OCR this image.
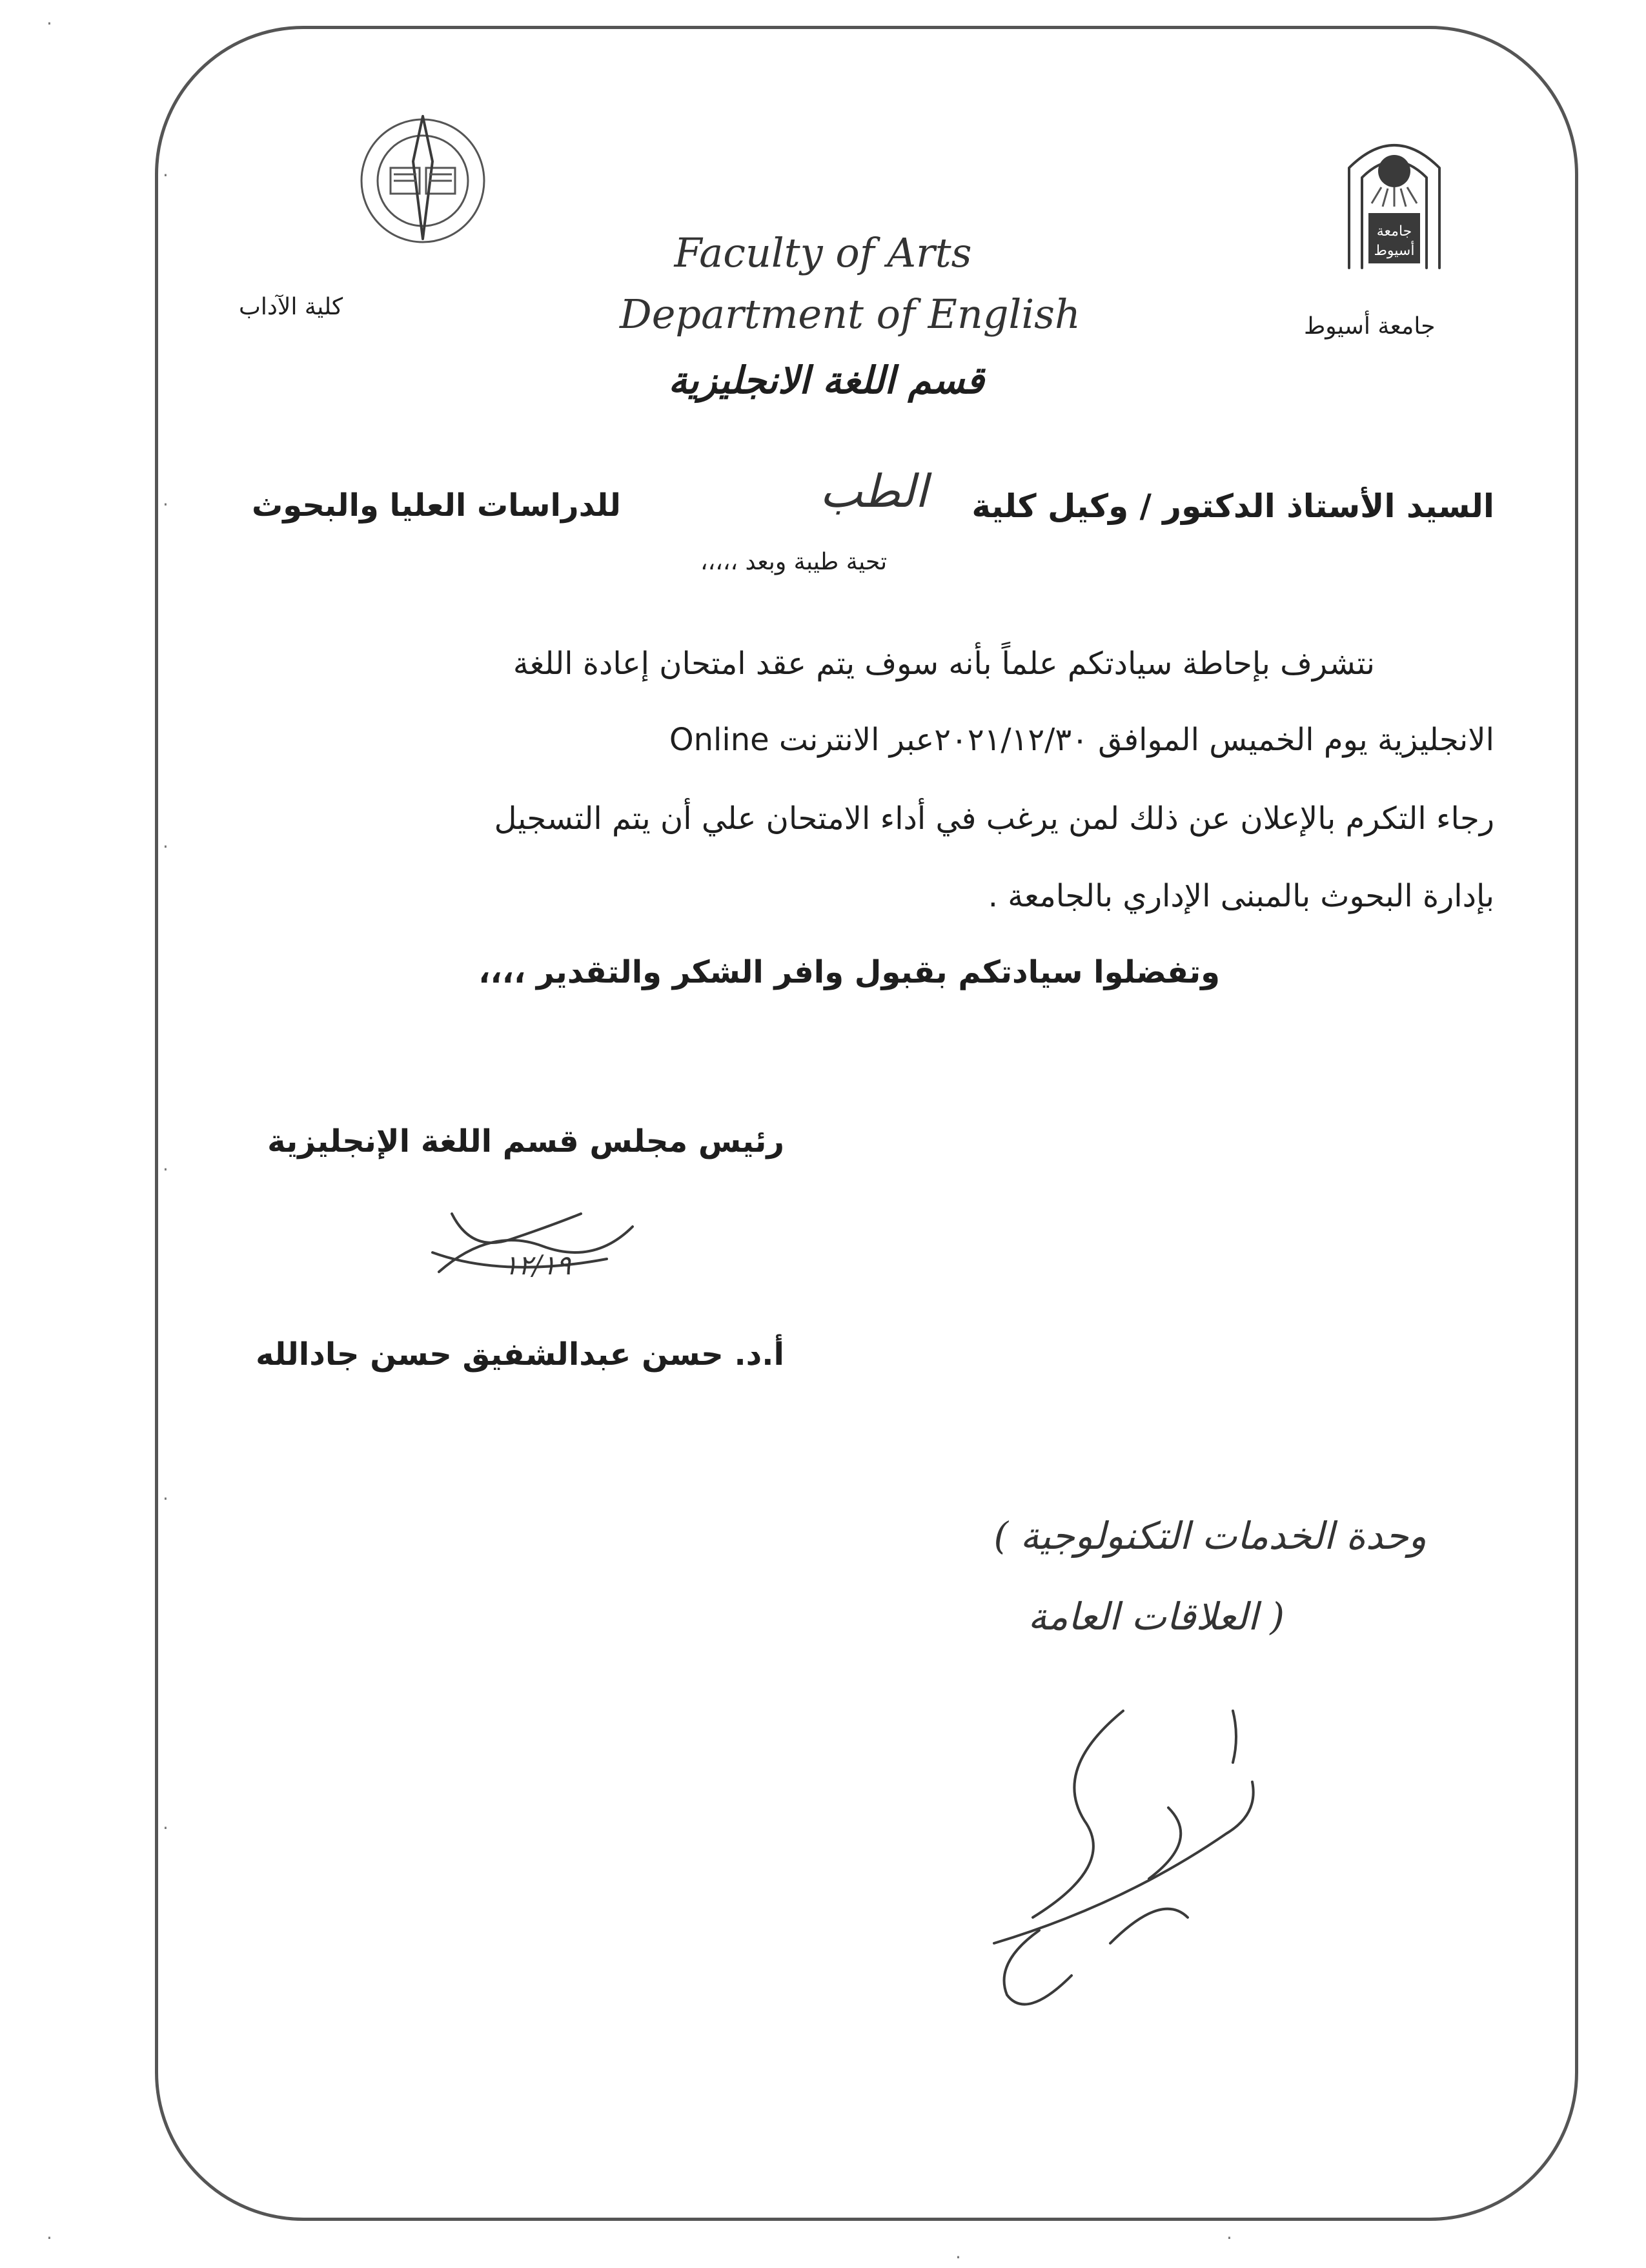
كلية الآداب
جامعة
أسيوط
جامعة أسيوط
Faculty of Arts
Department of English
قسم اللغة الانجليزية
السيد الأستاذ الدكتور / وكيل كلية
الطب
للدراسات العليا والبحوث
تحية طيبة وبعد ،،،،،
نتشرف بإحاطة سيادتكم علماً بأنه سوف يتم عقد امتحان إعادة اللغة
الانجليزية يوم الخميس الموافق ٢٠٢١/١٢/٣٠عبر الانترنت Online
رجاء التكرم بالإعلان عن ذلك لمن يرغب في أداء الامتحان علي أن يتم التسجيل
بإدارة البحوث بالمبنى الإداري بالجامعة .
وتفضلوا سيادتكم بقبول وافر الشكر والتقدير ،،،،
رئيس مجلس قسم اللغة الإنجليزية
١٢/١٩
أ.د. حسن عبدالشفيق حسن جادالله
وحدة الخدمات التكنولوجية )
( العلاقات العامة
·
·
·
·
·
·
·
·	·
·
